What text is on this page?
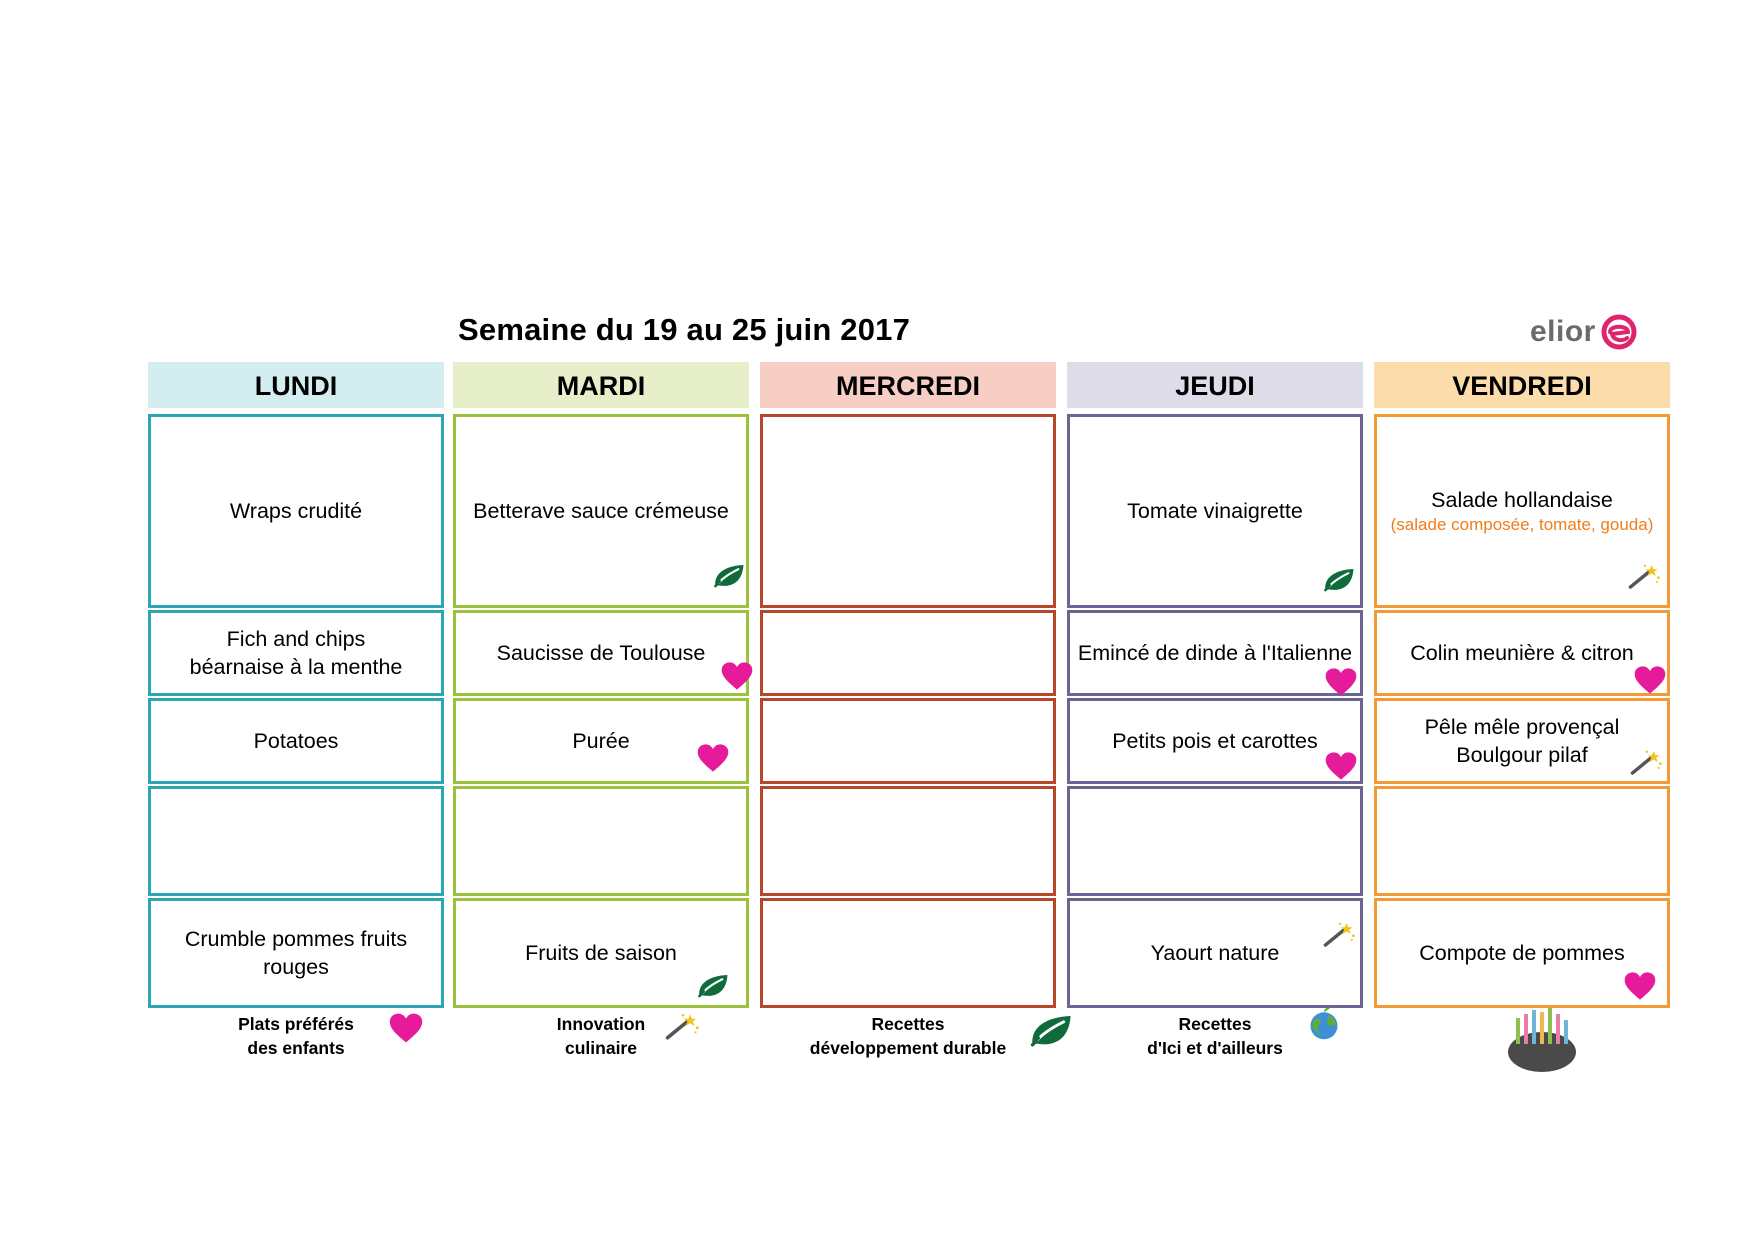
Semaine du 19 au 25 juin 2017	elior
LUNDI
Wraps crudité
Fich and chips
béarnaise à la menthe
Potatoes
Crumble pommes fruits
rouges
MARDI
Betterave sauce crémeuse
Saucisse de Toulouse
Purée
Fruits de saison
MERCREDI	JEUDI
Tomate vinaigrette
Emincé de dinde à l'Italienne
Petits pois et carottes
Yaourt nature
VENDREDI
Salade hollandaise
(salade composée, tomate, gouda)
Colin meunière & citron
Pêle mêle provençal
Boulgour pilaf
Compote de pommes
Plats préférés
des enfants
Innovation
culinaire
Recettes
développement durable
Recettes
d'Ici et d'ailleurs
